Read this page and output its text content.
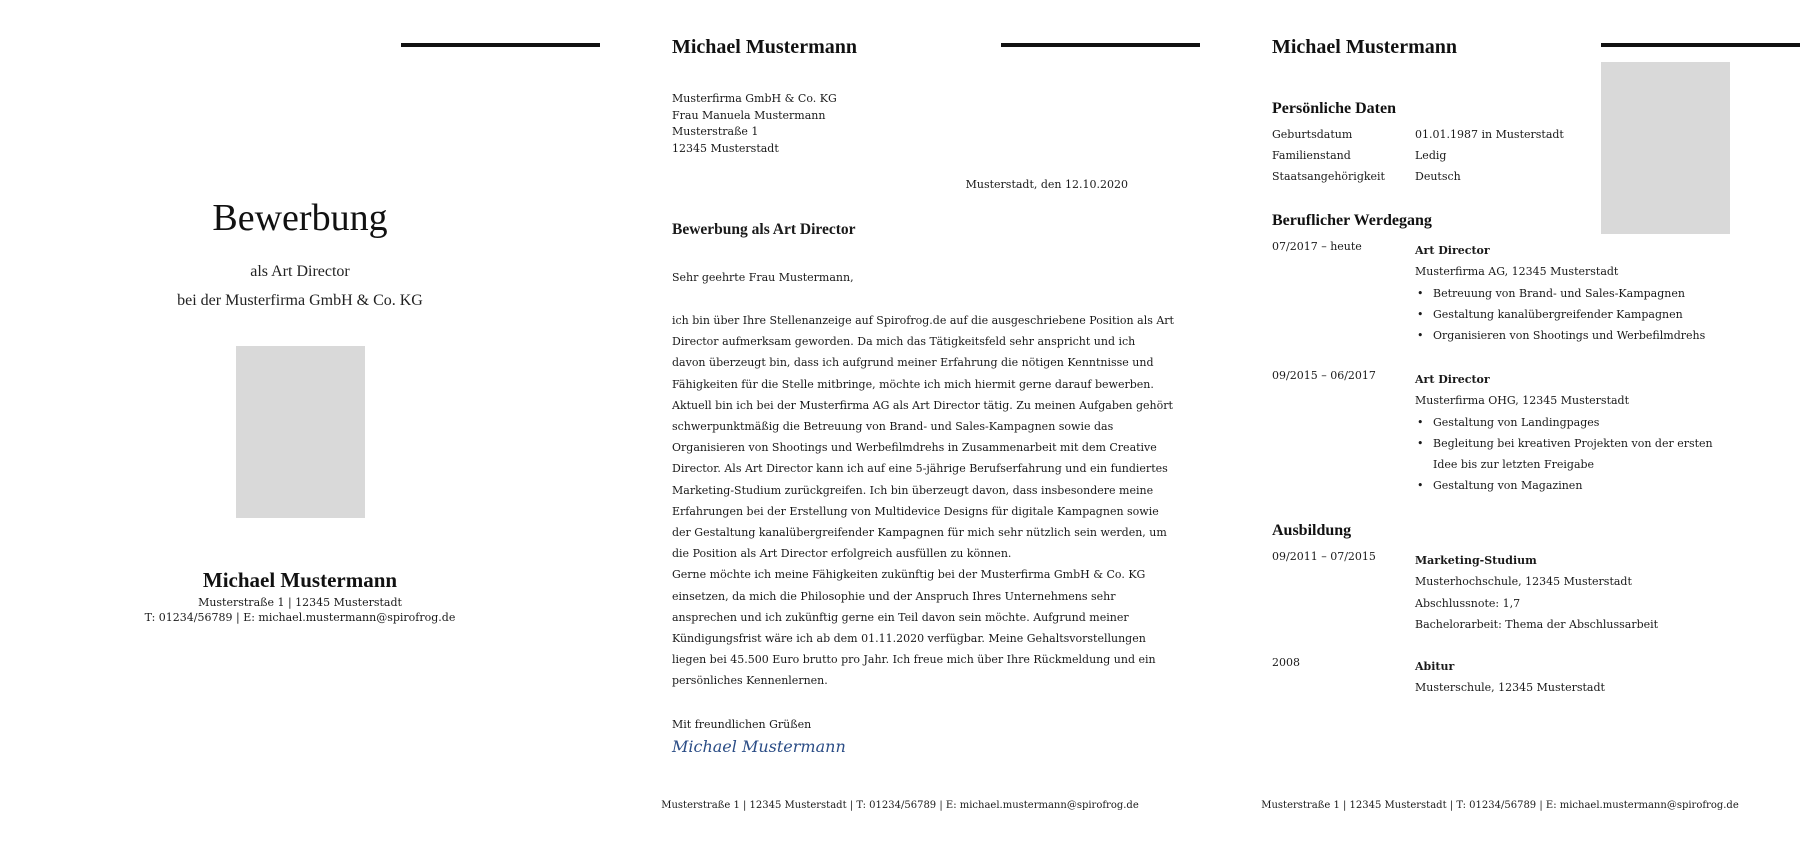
Bewerbung
als Art Director
bei der Musterfirma GmbH & Co. KG
Michael Mustermann
Musterstraße 1 | 12345 Musterstadt
T: 01234/56789 | E: michael.mustermann@spirofrog.de
Michael Mustermann
Musterfirma GmbH & Co. KG
Frau Manuela Mustermann
Musterstraße 1
12345 Musterstadt
Musterstadt, den 12.10.2020
Bewerbung als Art Director
Sehr geehrte Frau Mustermann,
ich bin über Ihre Stellenanzeige auf Spirofrog.de auf die ausgeschriebene Position als Art
Director aufmerksam geworden. Da mich das Tätigkeitsfeld sehr anspricht und ich
davon überzeugt bin, dass ich aufgrund meiner Erfahrung die nötigen Kenntnisse und
Fähigkeiten für die Stelle mitbringe, möchte ich mich hiermit gerne darauf bewerben.
Aktuell bin ich bei der Musterfirma AG als Art Director tätig. Zu meinen Aufgaben gehört
schwerpunktmäßig die Betreuung von Brand- und Sales-Kampagnen sowie das
Organisieren von Shootings und Werbefilmdrehs in Zusammenarbeit mit dem Creative
Director. Als Art Director kann ich auf eine 5-jährige Berufserfahrung und ein fundiertes
Marketing-Studium zurückgreifen. Ich bin überzeugt davon, dass insbesondere meine
Erfahrungen bei der Erstellung von Multidevice Designs für digitale Kampagnen sowie
der Gestaltung kanalübergreifender Kampagnen für mich sehr nützlich sein werden, um
die Position als Art Director erfolgreich ausfüllen zu können.
Gerne möchte ich meine Fähigkeiten zukünftig bei der Musterfirma GmbH & Co. KG
einsetzen, da mich die Philosophie und der Anspruch Ihres Unternehmens sehr
ansprechen und ich zukünftig gerne ein Teil davon sein möchte. Aufgrund meiner
Kündigungsfrist wäre ich ab dem 01.11.2020 verfügbar. Meine Gehaltsvorstellungen
liegen bei 45.500 Euro brutto pro Jahr. Ich freue mich über Ihre Rückmeldung und ein
persönliches Kennenlernen.
Mit freundlichen Grüßen
Michael Mustermann
Musterstraße 1 | 12345 Musterstadt | T: 01234/56789 | E: michael.mustermann@spirofrog.de
Michael Mustermann
Persönliche Daten
Geburtsdatum	01.01.1987 in Musterstadt
Familienstand	Ledig
Staatsangehörigkeit	Deutsch
Beruflicher Werdegang
07/2017 – heute	Art Director
Musterfirma AG, 12345 Musterstadt
• Betreuung von Brand- und Sales-Kampagnen
• Gestaltung kanalübergreifender Kampagnen
• Organisieren von Shootings und Werbefilmdrehs
09/2015 – 06/2017	Art Director
Musterfirma OHG, 12345 Musterstadt
• Gestaltung von Landingpages
• Begleitung bei kreativen Projekten von der ersten Idee bis zur letzten Freigabe
• Gestaltung von Magazinen
Ausbildung
09/2011 – 07/2015	Marketing-Studium
Musterhochschule, 12345 Musterstadt
Abschlussnote: 1,7
Bachelorarbeit: Thema der Abschlussarbeit
2008	Abitur
Musterschule, 12345 Musterstadt
Musterstraße 1 | 12345 Musterstadt | T: 01234/56789 | E: michael.mustermann@spirofrog.de
